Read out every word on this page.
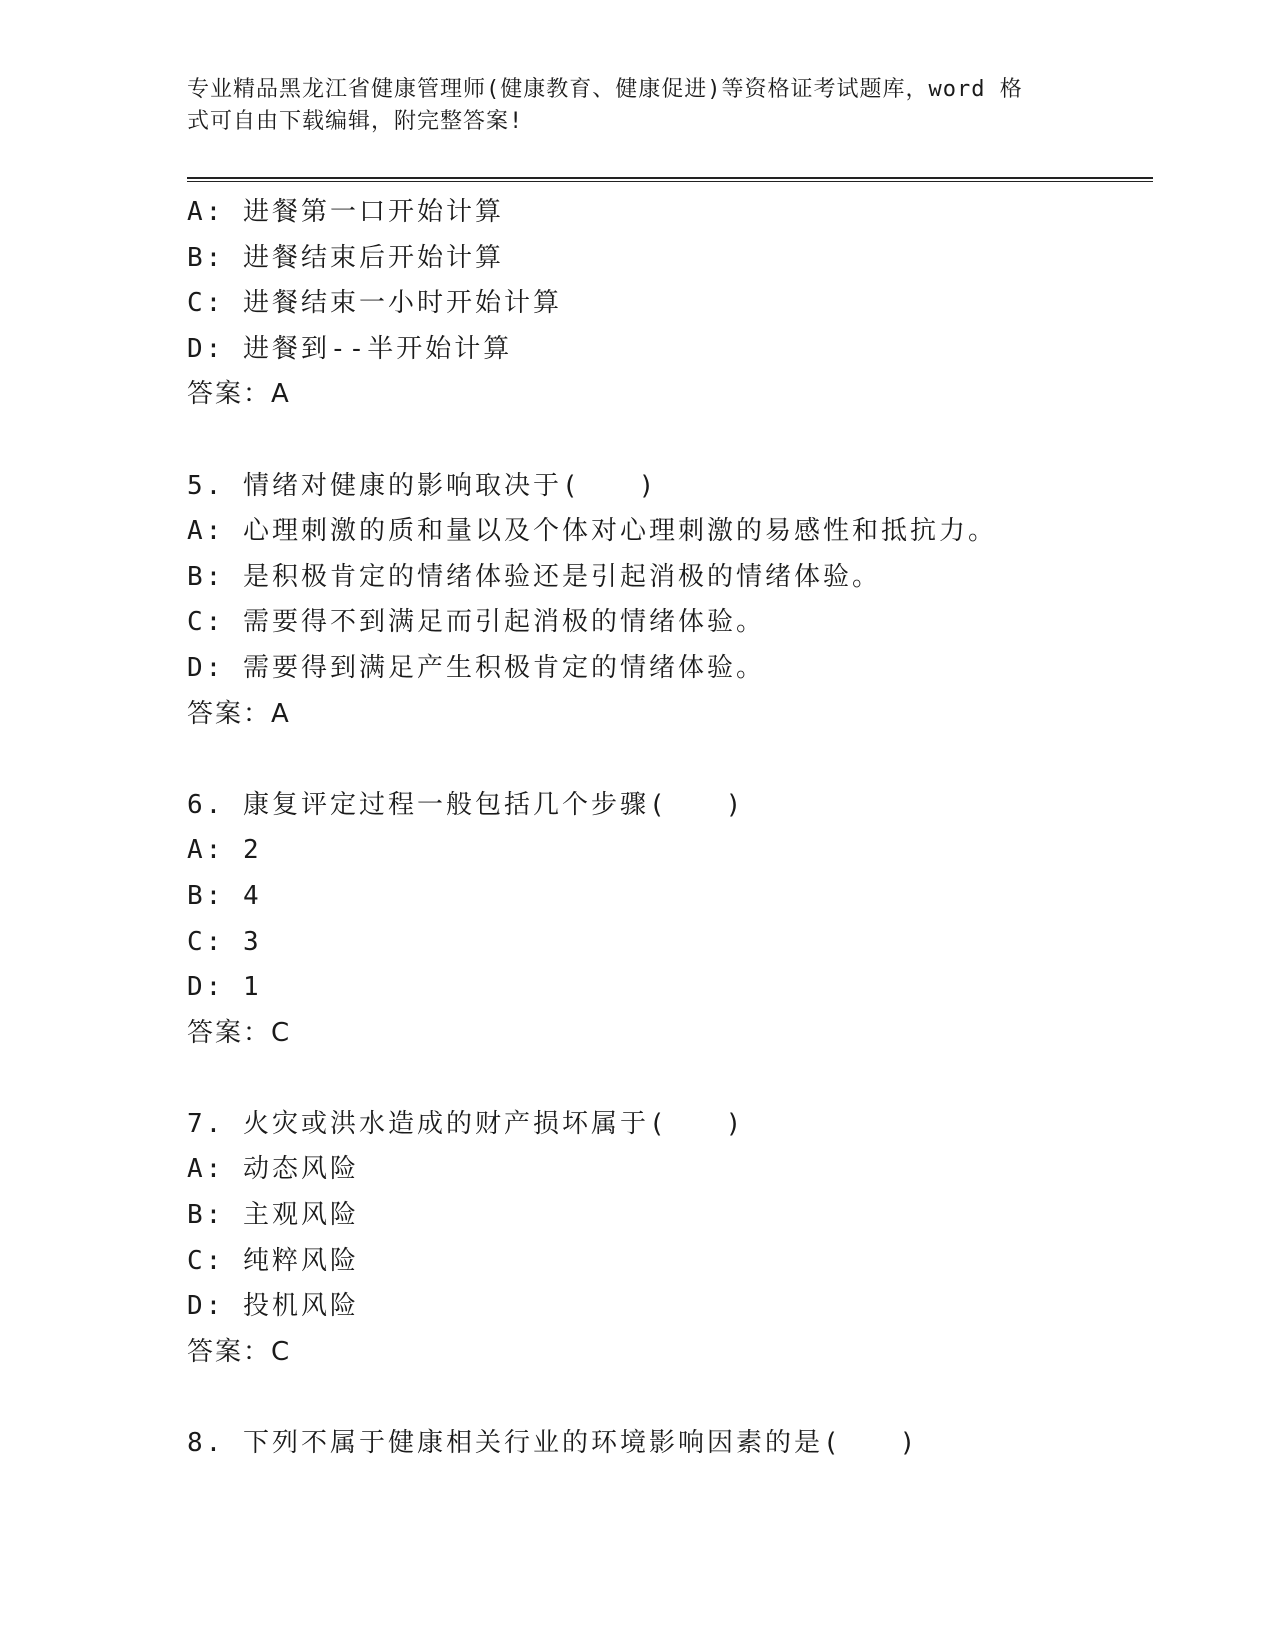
专业精品黑龙江省健康管理师(健康教育、健康促进)等资格证考试题库，word 格
式可自由下载编辑，附完整答案!
A: 进餐第一口开始计算
B: 进餐结束后开始计算
C: 进餐结束一小时开始计算
D: 进餐到--半开始计算
答案：A
5. 情绪对健康的影响取决于(　　)
A: 心理刺激的质和量以及个体对心理刺激的易感性和抵抗力。
B: 是积极肯定的情绪体验还是引起消极的情绪体验。
C: 需要得不到满足而引起消极的情绪体验。
D: 需要得到满足产生积极肯定的情绪体验。
答案：A
6. 康复评定过程一般包括几个步骤(　　)
A: 2
B: 4
C: 3
D: 1
答案：C
7. 火灾或洪水造成的财产损坏属于(　　)
A: 动态风险
B: 主观风险
C: 纯粹风险
D: 投机风险
答案：C
8. 下列不属于健康相关行业的环境影响因素的是(　　)
